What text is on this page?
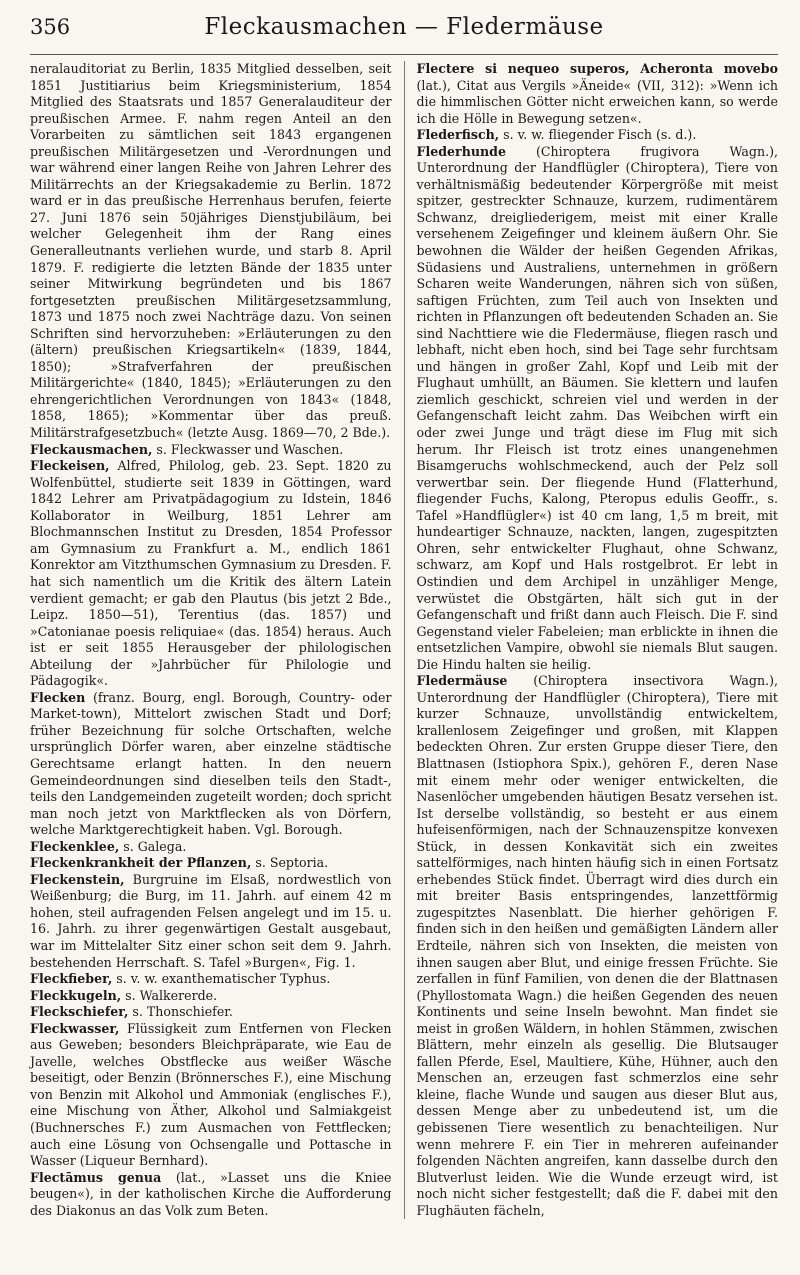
356	Fleckausmachen — Fledermäuse

neralauditoriat zu Berlin, 1835 Mitglied desselben, seit 1851 Justitiarius beim Kriegsministerium, 1854 Mitglied des Staatsrats und 1857 Generalauditeur der preußischen Armee. F. nahm regen Anteil an den Vorarbeiten zu sämtlichen seit 1843 ergangenen preußischen Militärgesetzen und -Verordnungen und war während einer langen Reihe von Jahren Lehrer des Militärrechts an der Kriegsakademie zu Berlin. 1872 ward er in das preußische Herrenhaus berufen, feierte 27. Juni 1876 sein 50jähriges Dienstjubiläum, bei welcher Gelegenheit ihm der Rang eines Generalleutnants verliehen wurde, und starb 8. April 1879. F. redigierte die letzten Bände der 1835 unter seiner Mitwirkung begründeten und bis 1867 fortgesetzten preußischen Militärgesetzsammlung, 1873 und 1875 noch zwei Nachträge dazu. Von seinen Schriften sind hervorzuheben: »Erläuterungen zu den (ältern) preußischen Kriegsartikeln« (1839, 1844, 1850); »Strafverfahren der preußischen Militärgerichte« (1840, 1845); »Erläuterungen zu den ehrengerichtlichen Verordnungen von 1843« (1848, 1858, 1865); »Kommentar über das preuß. Militärstrafgesetzbuch« (letzte Ausg. 1869—70, 2 Bde.).

Fleckausmachen, s. Fleckwasser und Waschen.

Fleckeisen, Alfred, Philolog, geb. 23. Sept. 1820 zu Wolfenbüttel, studierte seit 1839 in Göttingen, ward 1842 Lehrer am Privatpädagogium zu Idstein, 1846 Kollaborator in Weilburg, 1851 Lehrer am Blochmannschen Institut zu Dresden, 1854 Professor am Gymnasium zu Frankfurt a. M., endlich 1861 Konrektor am Vitzthumschen Gymnasium zu Dresden. F. hat sich namentlich um die Kritik des ältern Latein verdient gemacht; er gab den Plautus (bis jetzt 2 Bde., Leipz. 1850—51), Terentius (das. 1857) und »Catonianae poesis reliquiae« (das. 1854) heraus. Auch ist er seit 1855 Herausgeber der philologischen Abteilung der »Jahrbücher für Philologie und Pädagogik«.

Flecken (franz. Bourg, engl. Borough, Country- oder Market-town), Mittelort zwischen Stadt und Dorf; früher Bezeichnung für solche Ortschaften, welche ursprünglich Dörfer waren, aber einzelne städtische Gerechtsame erlangt hatten. In den neuern Gemeindeordnungen sind dieselben teils den Stadt-, teils den Landgemeinden zugeteilt worden; doch spricht man noch jetzt von Marktflecken als von Dörfern, welche Marktgerechtigkeit haben. Vgl. Borough.

Fleckenklee, s. Galega.

Fleckenkrankheit der Pflanzen, s. Septoria.

Fleckenstein, Burgruine im Elsaß, nordwestlich von Weißenburg; die Burg, im 11. Jahrh. auf einem 42 m hohen, steil aufragenden Felsen angelegt und im 15. u. 16. Jahrh. zu ihrer gegenwärtigen Gestalt ausgebaut, war im Mittelalter Sitz einer schon seit dem 9. Jahrh. bestehenden Herrschaft. S. Tafel »Burgen«, Fig. 1.

Fleckfieber, s. v. w. exanthematischer Typhus.

Fleckkugeln, s. Walkererde.

Fleckschiefer, s. Thonschiefer.

Fleckwasser, Flüssigkeit zum Entfernen von Flecken aus Geweben; besonders Bleichpräparate, wie Eau de Javelle, welches Obstflecke aus weißer Wäsche beseitigt, oder Benzin (Brönnersches F.), eine Mischung von Benzin mit Alkohol und Ammoniak (englisches F.), eine Mischung von Äther, Alkohol und Salmiakgeist (Buchnersches F.) zum Ausmachen von Fettflecken; auch eine Lösung von Ochsengalle und Pottasche in Wasser (Liqueur Bernhard).

Flectāmus genua (lat., »Lasset uns die Kniee beugen«), in der katholischen Kirche die Aufforderung des Diakonus an das Volk zum Beten.

Flectere si nequeo superos, Acheronta movebo (lat.), Citat aus Vergils »Äneide« (VII, 312): »Wenn ich die himmlischen Götter nicht erweichen kann, so werde ich die Hölle in Bewegung setzen«.

Flederfisch, s. v. w. fliegender Fisch (s. d.).

Flederhunde (Chiroptera frugivora Wagn.), Unterordnung der Handflügler (Chiroptera), Tiere von verhältnismäßig bedeutender Körpergröße mit meist spitzer, gestreckter Schnauze, kurzem, rudimentärem Schwanz, dreigliederigem, meist mit einer Kralle versehenem Zeigefinger und kleinem äußern Ohr. Sie bewohnen die Wälder der heißen Gegenden Afrikas, Südasiens und Australiens, unternehmen in größern Scharen weite Wanderungen, nähren sich von süßen, saftigen Früchten, zum Teil auch von Insekten und richten in Pflanzungen oft bedeutenden Schaden an. Sie sind Nachttiere wie die Fledermäuse, fliegen rasch und lebhaft, nicht eben hoch, sind bei Tage sehr furchtsam und hängen in großer Zahl, Kopf und Leib mit der Flughaut umhüllt, an Bäumen. Sie klettern und laufen ziemlich geschickt, schreien viel und werden in der Gefangenschaft leicht zahm. Das Weibchen wirft ein oder zwei Junge und trägt diese im Flug mit sich herum. Ihr Fleisch ist trotz eines unangenehmen Bisamgeruchs wohlschmeckend, auch der Pelz soll verwertbar sein. Der fliegende Hund (Flatterhund, fliegender Fuchs, Kalong, Pteropus edulis Geoffr., s. Tafel »Handflügler«) ist 40 cm lang, 1,5 m breit, mit hundeartiger Schnauze, nackten, langen, zugespitzten Ohren, sehr entwickelter Flughaut, ohne Schwanz, schwarz, am Kopf und Hals rostgelbrot. Er lebt in Ostindien und dem Archipel in unzähliger Menge, verwüstet die Obstgärten, hält sich gut in der Gefangenschaft und frißt dann auch Fleisch. Die F. sind Gegenstand vieler Fabeleien; man erblickte in ihnen die entsetzlichen Vampire, obwohl sie niemals Blut saugen. Die Hindu halten sie heilig.

Fledermäuse (Chiroptera insectivora Wagn.), Unterordnung der Handflügler (Chiroptera), Tiere mit kurzer Schnauze, unvollständig entwickeltem, krallenlosem Zeigefinger und großen, mit Klappen bedeckten Ohren. Zur ersten Gruppe dieser Tiere, den Blattnasen (Istiophora Spix.), gehören F., deren Nase mit einem mehr oder weniger entwickelten, die Nasenlöcher umgebenden häutigen Besatz versehen ist. Ist derselbe vollständig, so besteht er aus einem hufeisenförmigen, nach der Schnauzenspitze konvexen Stück, in dessen Konkavität sich ein zweites sattelförmiges, nach hinten häufig sich in einen Fortsatz erhebendes Stück findet. Überragt wird dies durch ein mit breiter Basis entspringendes, lanzettförmig zugespitztes Nasenblatt. Die hierher gehörigen F. finden sich in den heißen und gemäßigten Ländern aller Erdteile, nähren sich von Insekten, die meisten von ihnen saugen aber Blut, und einige fressen Früchte. Sie zerfallen in fünf Familien, von denen die der Blattnasen (Phyllostomata Wagn.) die heißen Gegenden des neuen Kontinents und seine Inseln bewohnt. Man findet sie meist in großen Wäldern, in hohlen Stämmen, zwischen Blättern, mehr einzeln als gesellig. Die Blutsauger fallen Pferde, Esel, Maultiere, Kühe, Hühner, auch den Menschen an, erzeugen fast schmerzlos eine sehr kleine, flache Wunde und saugen aus dieser Blut aus, dessen Menge aber zu unbedeutend ist, um die gebissenen Tiere wesentlich zu benachteiligen. Nur wenn mehrere F. ein Tier in mehreren aufeinander folgenden Nächten angreifen, kann dasselbe durch den Blutverlust leiden. Wie die Wunde erzeugt wird, ist noch nicht sicher festgestellt; daß die F. dabei mit den Flughäuten fächeln,
